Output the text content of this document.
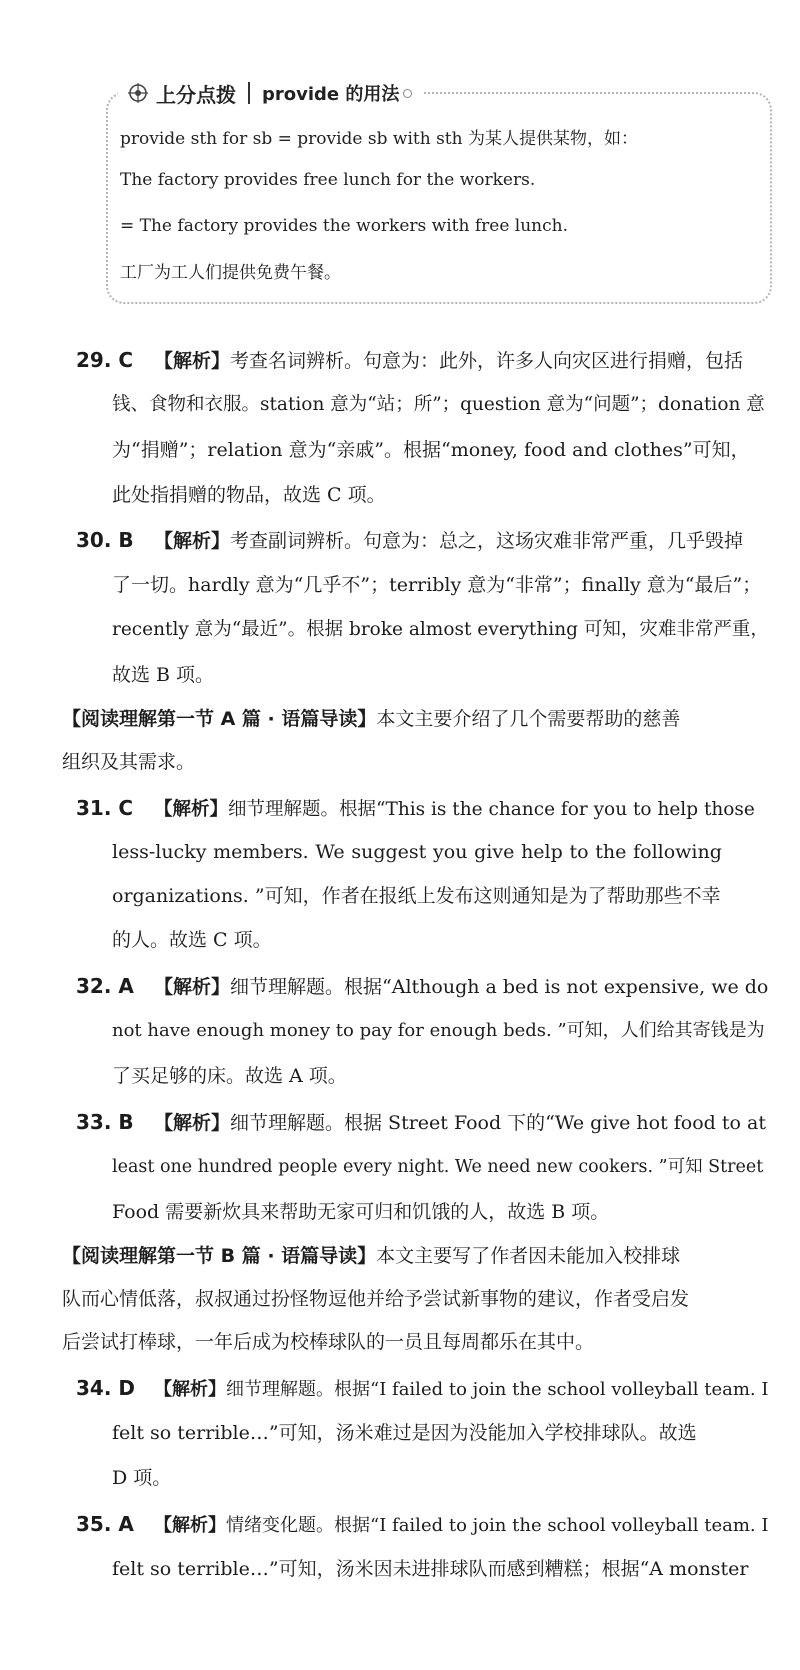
上分点拨 provide 的用法
provide sth for sb = provide sb with sth 为某人提供某物，如：
The factory provides free lunch for the workers.
= The factory provides the workers with free lunch.
工厂为工人们提供免费午餐。
29. C 【解析】考查名词辨析。句意为：此外，许多人向灾区进行捐赠，包括
钱、食物和衣服。station 意为“站；所”；question 意为“问题”；donation 意
为“捐赠”；relation 意为“亲戚”。根据“money, food and clothes”可知，
此处指捐赠的物品，故选 C 项。
30. B 【解析】考查副词辨析。句意为：总之，这场灾难非常严重，几乎毁掉
了一切。hardly 意为“几乎不”；terribly 意为“非常”；finally 意为“最后”；
recently 意为“最近”。根据 broke almost everything 可知，灾难非常严重，
故选 B 项。
【阅读理解第一节 A 篇 · 语篇导读】本文主要介绍了几个需要帮助的慈善
组织及其需求。
31. C 【解析】细节理解题。根据“This is the chance for you to help those
less-lucky members. We suggest you give help to the following
organizations. ”可知，作者在报纸上发布这则通知是为了帮助那些不幸
的人。故选 C 项。
32. A 【解析】细节理解题。根据“Although a bed is not expensive, we do
not have enough money to pay for enough beds. ”可知，人们给其寄钱是为
了买足够的床。故选 A 项。
33. B 【解析】细节理解题。根据 Street Food 下的“We give hot food to at
least one hundred people every night. We need new cookers. ”可知 Street
Food 需要新炊具来帮助无家可归和饥饿的人，故选 B 项。
【阅读理解第一节 B 篇 · 语篇导读】本文主要写了作者因未能加入校排球
队而心情低落，叔叔通过扮怪物逗他并给予尝试新事物的建议，作者受启发
后尝试打棒球，一年后成为校棒球队的一员且每周都乐在其中。
34. D 【解析】细节理解题。根据“I failed to join the school volleyball team. I
felt so terrible…”可知，汤米难过是因为没能加入学校排球队。故选
D 项。
35. A 【解析】情绪变化题。根据“I failed to join the school volleyball team. I
felt so terrible…”可知，汤米因未进排球队而感到糟糕；根据“A monster
